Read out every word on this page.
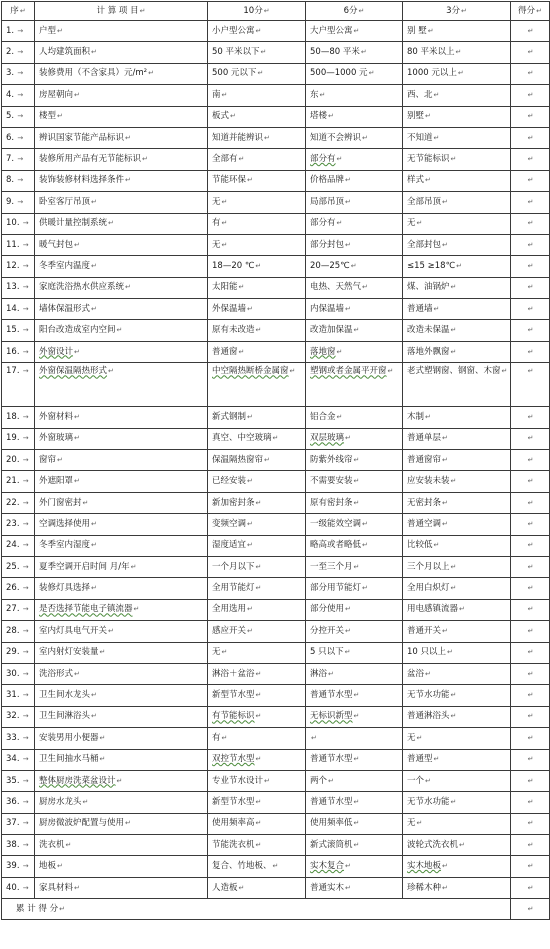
序↵	计 算 项 目↵	10分↵	6分↵	3分↵	得分↵
1. →	户型↵	小户型公寓↵	大户型公寓↵	别 墅↵	↵
2. →	人均建筑面积↵	50 平米以下↵	50—80 平米↵	80 平米以上↵	↵
3. →	装修费用（不含家具）元/m²↵	500 元以下↵	500—1000 元↵	1000 元以上↵	↵
4. →	房屋朝向↵	南↵	东↵	西、北↵	↵
5. →	楼型↵	板式↵	塔楼↵	别墅↵	↵
6. →	辨识国家节能产品标识↵	知道并能辨识↵	知道不会辨识↵	不知道↵	↵
7. →	装修所用产品有无节能标识↵	全部有↵	部分有↵	无节能标识↵	↵
8. →	装饰装修材料选择条件↵	节能环保↵	价格品牌↵	样式↵	↵
9. →	卧室客厅吊顶↵	无↵	局部吊顶↵	全部吊顶↵	↵
10. →	供暖计量控制系统↵	有↵	部分有↵	无↵	↵
11. →	暖气封包↵	无↵	部分封包↵	全部封包↵	↵
12. →	冬季室内温度↵	18—20 ℃↵	20—25℃↵	≤15 ≥18℃↵	↵
13. →	家庭洗浴热水供应系统↵	太阳能↵	电热、天然气↵	煤、油锅炉↵	↵
14. →	墙体保温形式↵	外保温墙↵	内保温墙↵	普通墙↵	↵
15. →	阳台改造成室内空间↵	原有未改造↵	改造加保温↵	改造未保温↵	↵
16. →	外窗设计↵	普通窗↵	落地窗↵	落地外飘窗↵	↵
17. →	外窗保温隔热形式↵	中空隔热断桥金属窗↵	塑钢或者金属平开窗↵	老式塑钢窗、钢窗、木窗↵	↵
18. →	外窗材料↵	新式钢制↵	铝合金↵	木制↵	↵
19. →	外窗玻璃↵	真空、中空玻璃↵	双层玻璃↵	普通单层↵	↵
20. →	窗帘↵	保温隔热窗帘↵	防紫外线帘↵	普通窗帘↵	↵
21. →	外遮阳罩↵	已经安装↵	不需要安装↵	应安装未装↵	↵
22. →	外门窗密封↵	新加密封条↵	原有密封条↵	无密封条↵	↵
23. →	空调选择使用↵	变频空调↵	一级能效空调↵	普通空调↵	↵
24. →	冬季室内湿度↵	湿度适宜↵	略高或者略低↵	比较低↵	↵
25. →	夏季空调开启时间 月/年↵	一个月以下↵	一至三个月↵	三个月以上↵	↵
26. →	装修灯具选择↵	全用节能灯↵	部分用节能灯↵	全用白炽灯↵	↵
27. →	是否选择节能电子镇流器↵	全用选用↵	部分使用↵	用电感镇流器↵	↵
28. →	室内灯具电气开关↵	感应开关↵	分控开关↵	普通开关↵	↵
29. →	室内射灯安装量↵	无↵	5 只以下↵	10 只以上↵	↵
30. →	洗浴形式↵	淋浴＋盆浴↵	淋浴↵	盆浴↵	↵
31. →	卫生间水龙头↵	新型节水型↵	普通节水型↵	无节水功能↵	↵
32. →	卫生间淋浴头↵	有节能标识↵	无标识新型↵	普通淋浴头↵	↵
33. →	安装男用小便器↵	有↵	↵	无↵	↵
34. →	卫生间抽水马桶↵	双控节水型↵	普通节水型↵	普通型↵	↵
35. →	整体厨房洗菜盆设计↵	专业节水设计↵	两个↵	一个↵	↵
36. →	厨房水龙头↵	新型节水型↵	普通节水型↵	无节水功能↵	↵
37. →	厨房微波炉配置与使用↵	使用频率高↵	使用频率低↵	无↵	↵
38. →	洗衣机↵	节能洗衣机↵	新式滚筒机↵	波轮式洗衣机↵	↵
39. →	地板↵	复合、竹地板、↵	实木复合↵	实木地板↵	↵
40. →	家具材料↵	人造板↵	普通实木↵	珍稀木种↵	↵
累 计 得 分↵					↵
